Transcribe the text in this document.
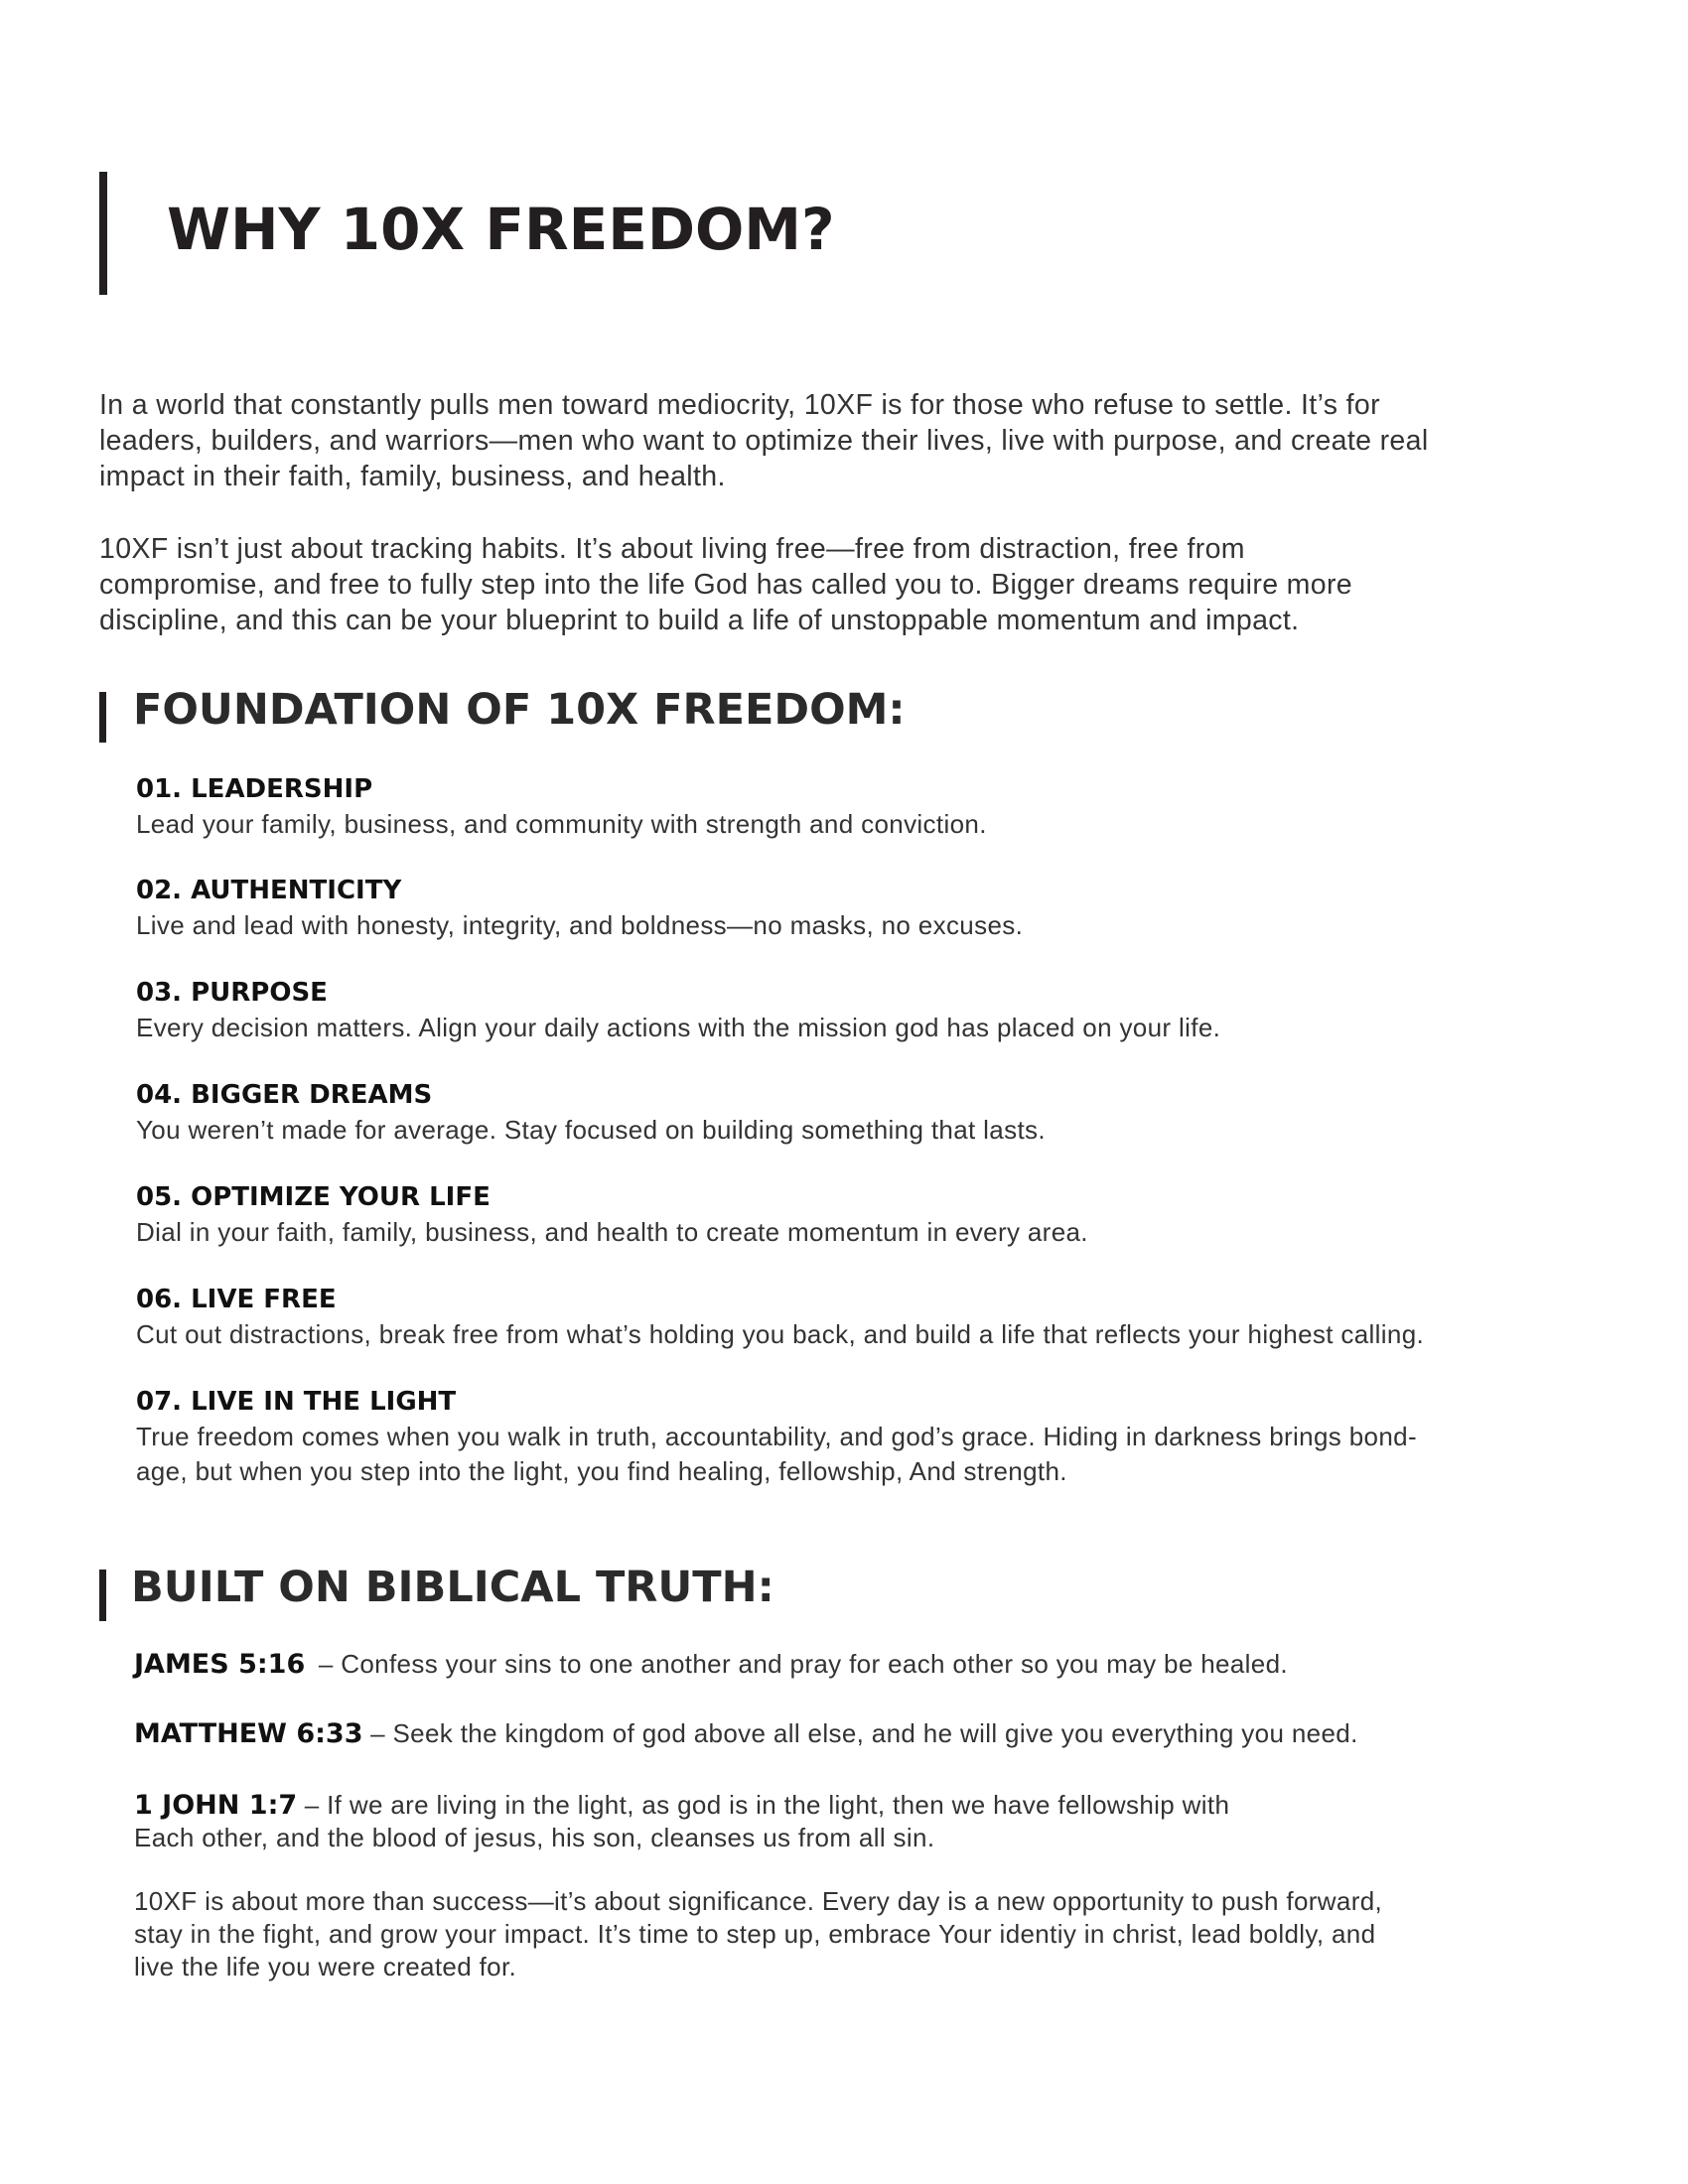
WHY 10X FREEDOM?
In a world that constantly pulls men toward mediocrity, 10XF is for those who refuse to settle. It’s for
leaders, builders, and warriors—men who want to optimize their lives, live with purpose, and create real
impact in their faith, family, business, and health.
10XF isn’t just about tracking habits. It’s about living free—free from distraction, free from
compromise, and free to fully step into the life God has called you to. Bigger dreams require more
discipline, and this can be your blueprint to build a life of unstoppable momentum and impact.
FOUNDATION OF 10X FREEDOM:
01. LEADERSHIP
Lead your family, business, and community with strength and conviction.
02. AUTHENTICITY
Live and lead with honesty, integrity, and boldness—no masks, no excuses.
03. PURPOSE
Every decision matters. Align your daily actions with the mission god has placed on your life.
04. BIGGER DREAMS
You weren’t made for average. Stay focused on building something that lasts.
05. OPTIMIZE YOUR LIFE
Dial in your faith, family, business, and health to create momentum in every area.
06. LIVE FREE
Cut out distractions, break free from what’s holding you back, and build a life that reflects your highest calling.
07. LIVE IN THE LIGHT
True freedom comes when you walk in truth, accountability, and god’s grace. Hiding in darkness brings bond-
age, but when you step into the light, you find healing, fellowship, And strength.
BUILT ON BIBLICAL TRUTH:
JAMES 5:16 – Confess your sins to one another and pray for each other so you may be healed.
MATTHEW 6:33 – Seek the kingdom of god above all else, and he will give you everything you need.
1 JOHN 1:7 – If we are living in the light, as god is in the light, then we have fellowship with
Each other, and the blood of jesus, his son, cleanses us from all sin.
10XF is about more than success—it’s about significance. Every day is a new opportunity to push forward,
stay in the fight, and grow your impact. It’s time to step up, embrace Your identiy in christ, lead boldly, and
live the life you were created for.
